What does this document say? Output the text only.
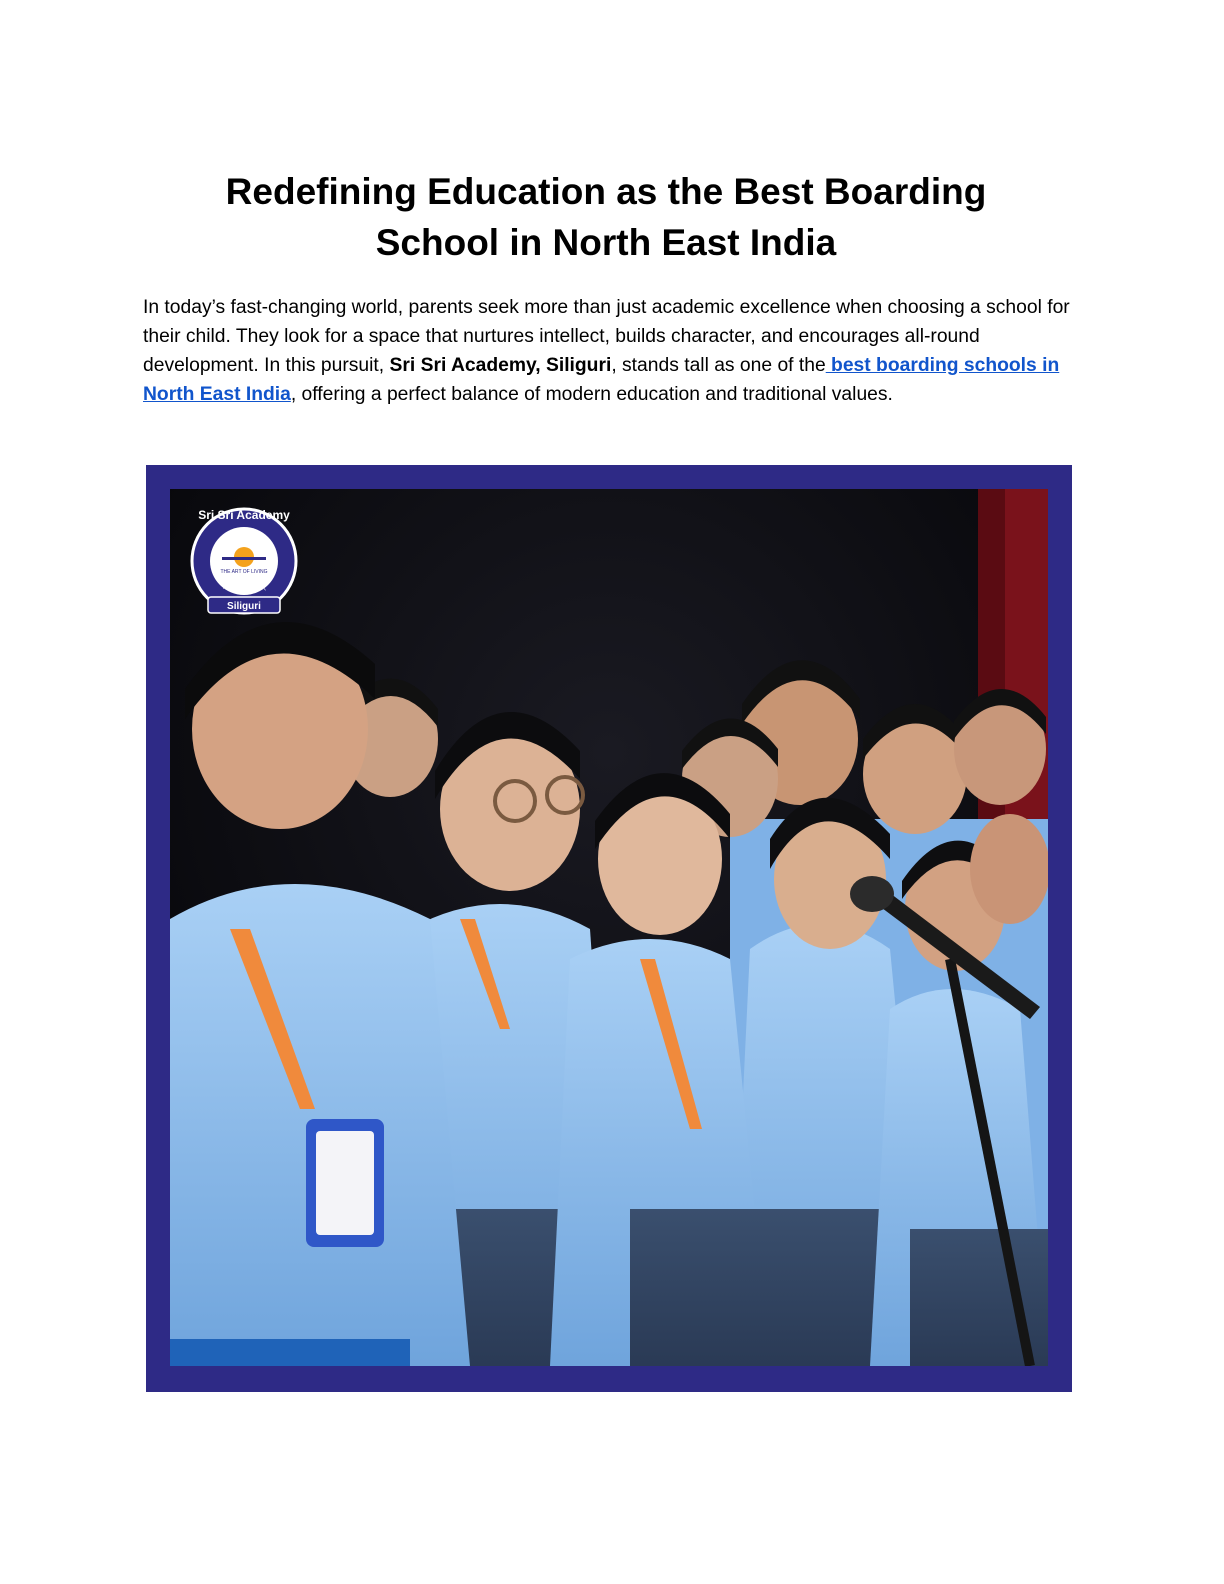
Redefining Education as the Best Boarding
School in North East India

In today’s fast-changing world, parents seek more than just academic excellence when choosing a school for their child. They look for a space that nurtures intellect, builds character, and encourages all-round development. In this pursuit, Sri Sri Academy, Siliguri, stands tall as one of the best boarding schools in North East India, offering a perfect balance of modern education and traditional values.

THE ART OF LIVING
Sri Sri Academy
Siliguri
विद्या ददाति विनयम्
